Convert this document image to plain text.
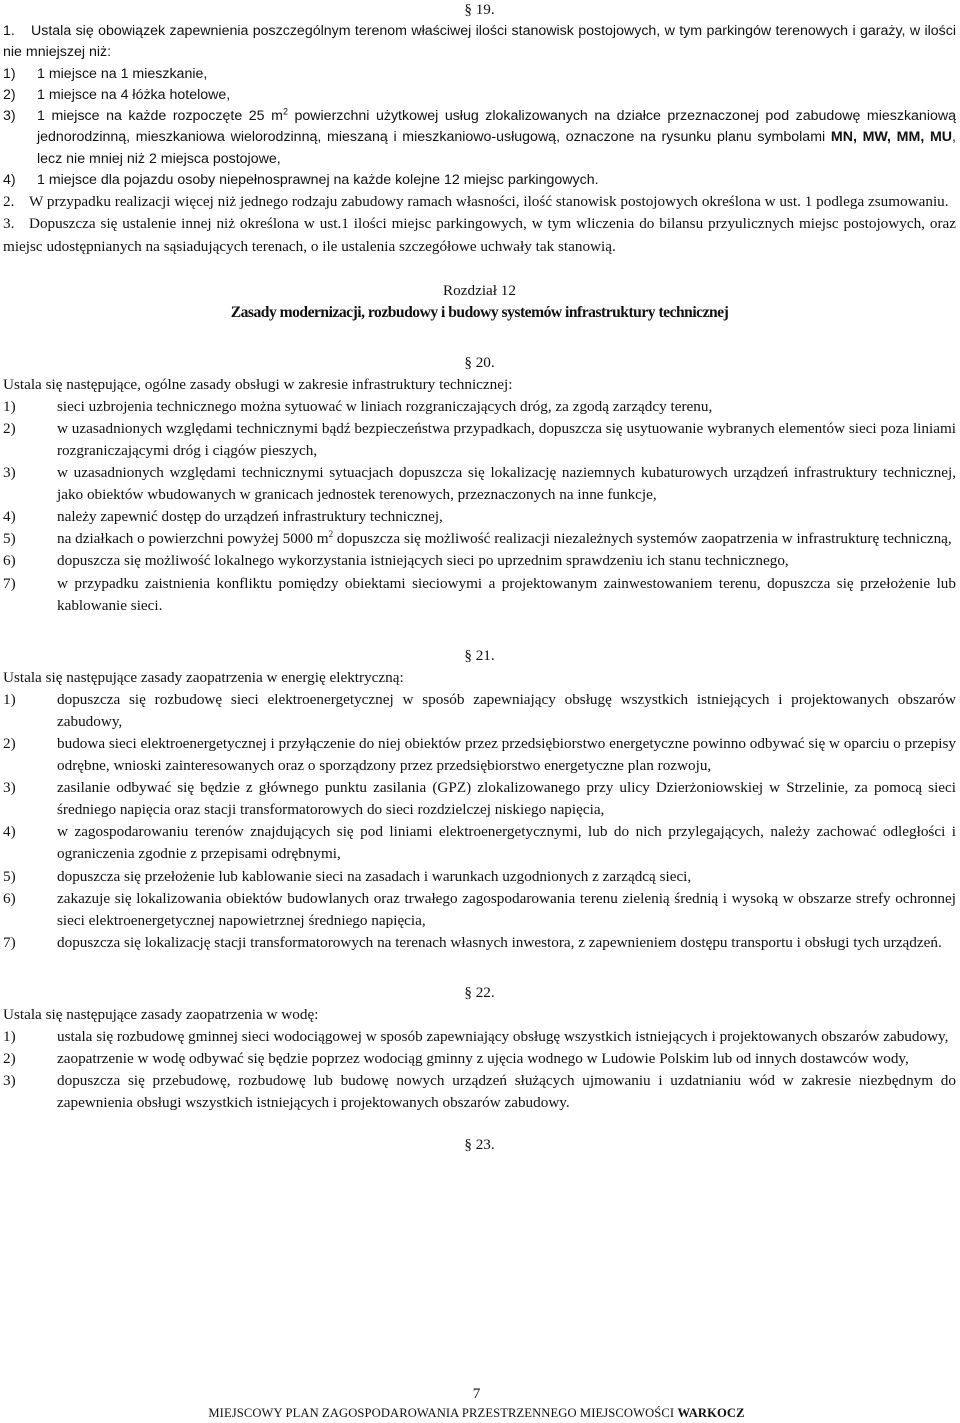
§ 19.
1. Ustala się obowiązek zapewnienia poszczególnym terenom właściwej ilości stanowisk postojowych, w tym parkingów terenowych i garaży, w ilości nie mniejszej niż:
1) 1 miejsce na 1 mieszkanie,
2) 1 miejsce na 4 łóżka hotelowe,
3) 1 miejsce na każde rozpoczęte 25 $m^2$ powierzchni użytkowej usług zlokalizowanych na działce przeznaczonej pod zabudowę mieszkaniową jednorodzinną, mieszkaniowa wielorodzinną, mieszaną i mieszkaniowo-usługową, oznaczone na rysunku planu symbolami MN, MW, MM, MU, lecz nie mniej niż 2 miejsca postojowe,
4) 1 miejsce dla pojazdu osoby niepełnosprawnej na każde kolejne 12 miejsc parkingowych.
2. W przypadku realizacji więcej niż jednego rodzaju zabudowy ramach własności, ilość stanowisk postojowych określona w ust. 1 podlega zsumowaniu.
3. Dopuszcza się ustalenie innej niż określona w ust.1 ilości miejsc parkingowych, w tym wliczenia do bilansu przyulicznych miejsc postojowych, oraz miejsc udostępnianych na sąsiadujących terenach, o ile ustalenia szczegółowe uchwały tak stanowią.
Rozdział 12
Zasady modernizacji, rozbudowy i budowy systemów infrastruktury technicznej
§ 20.
Ustala się następujące, ogólne zasady obsługi w zakresie infrastruktury technicznej:
1)	sieci uzbrojenia technicznego można sytuować w liniach rozgraniczających dróg, za zgodą zarządcy terenu,
2)	w uzasadnionych względami technicznymi bądź bezpieczeństwa przypadkach, dopuszcza się usytuowanie wybranych elementów sieci poza liniami rozgraniczającymi dróg i ciągów pieszych,
3)	w uzasadnionych względami technicznymi sytuacjach dopuszcza się lokalizację naziemnych kubaturowych urządzeń infrastruktury technicznej, jako obiektów wbudowanych w granicach jednostek terenowych, przeznaczonych na inne funkcje,
4)	należy zapewnić dostęp do urządzeń infrastruktury technicznej,
5)	na działkach o powierzchni powyżej 5000 $m^2$ dopuszcza się możliwość realizacji niezależnych systemów zaopatrzenia w infrastrukturę techniczną,
6)	dopuszcza się możliwość lokalnego wykorzystania istniejących sieci po uprzednim sprawdzeniu ich stanu technicznego,
7)	w przypadku zaistnienia konfliktu pomiędzy obiektami sieciowymi a projektowanym zainwestowaniem terenu, dopuszcza się przełożenie lub kablowanie sieci.
§ 21.
Ustala się następujące zasady zaopatrzenia w energię elektryczną:
1)	dopuszcza się rozbudowę sieci elektroenergetycznej w sposób zapewniający obsługę wszystkich istniejących i projektowanych obszarów zabudowy,
2)	budowa sieci elektroenergetycznej i przyłączenie do niej obiektów przez przedsiębiorstwo energetyczne powinno odbywać się w oparciu o przepisy odrębne, wnioski zainteresowanych oraz o sporządzony przez przedsiębiorstwo energetyczne plan rozwoju,
3)	zasilanie odbywać się będzie z głównego punktu zasilania (GPZ) zlokalizowanego przy ulicy Dzierżoniowskiej w Strzelinie, za pomocą sieci średniego napięcia oraz stacji transformatorowych do sieci rozdzielczej niskiego napięcia,
4)	w zagospodarowaniu terenów znajdujących się pod liniami elektroenergetycznymi, lub do nich przylegających, należy zachować odległości i ograniczenia zgodnie z przepisami odrębnymi,
5)	dopuszcza się przełożenie lub kablowanie sieci na zasadach i warunkach uzgodnionych z zarządcą sieci,
6)	zakazuje się lokalizowania obiektów budowlanych oraz trwałego zagospodarowania terenu zielenią średnią i wysoką w obszarze strefy ochronnej sieci elektroenergetycznej napowietrznej średniego napięcia,
7)	dopuszcza się lokalizację stacji transformatorowych na terenach własnych inwestora, z zapewnieniem dostępu transportu i obsługi tych urządzeń.
§ 22.
Ustala się następujące zasady zaopatrzenia w wodę:
1)	ustala się rozbudowę gminnej sieci wodociągowej w sposób zapewniający obsługę wszystkich istniejących i projektowanych obszarów zabudowy,
2)	zaopatrzenie w wodę odbywać się będzie poprzez wodociąg gminny z ujęcia wodnego w Ludowie Polskim lub od innych dostawców wody,
3)	dopuszcza się przebudowę, rozbudowę lub budowę nowych urządzeń służących ujmowaniu i uzdatnianiu wód w zakresie niezbędnym do zapewnienia obsługi wszystkich istniejących i projektowanych obszarów zabudowy.
§ 23.
7
MIEJSCOWY PLAN ZAGOSPODAROWANIA PRZESTRZENNEGO MIEJSCOWOŚCI WARKOCZ
